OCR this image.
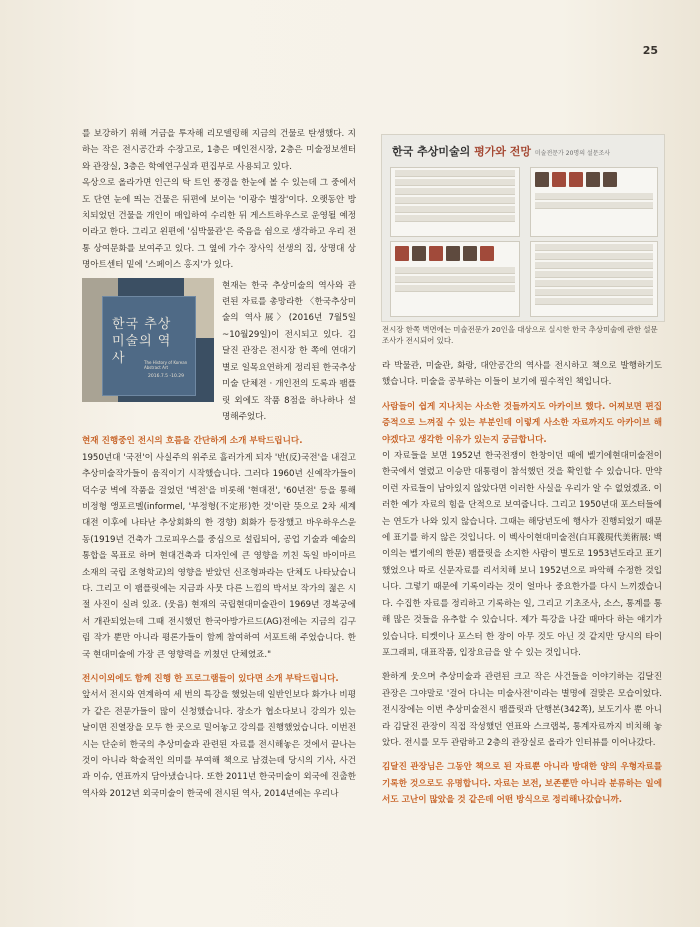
25

를 보강하기 위해 거금을 투자해 리모델링해 지금의 건물로 탄생했다. 지하는 작은 전시공간과 수장고로, 1층은 메인전시장, 2층은 미술정보센터와 관장실, 3층은 학예연구실과 편집부로 사용되고 있다.

옥상으로 올라가면 인근의 탁 트인 풍경을 한눈에 볼 수 있는데 그 중에서도 단연 눈에 띄는 건물은 뒤편에 보이는 '이광수 별장'이다. 오랫동안 방치되었던 건물을 개인이 매입하여 수리한 뒤 게스트하우스로 운영될 예정이라고 한다. 그리고 왼편에 '심박물관'은 죽음을 쉼으로 생각하고 우리 전통 상여문화를 보여주고 있다. 그 옆에 가수 장사익 선생의 집, 상명대 상명아트센터 밑에 '스페이스 홍지'가 있다.

한국 추상미술의 역사	The History of Korean Abstract Art
2016.7.5 -10.29

현재는 한국 추상미술의 역사와 관련된 자료를 총망라한 〈한국추상미술의 역사展〉(2016년 7월5일~10월29일)이 전시되고 있다. 김달진 관장은 전시장 한 쪽에 연대기별로 일목요연하게 정리된 한국추상미술 단체전 · 개인전의 도록과 팸플릿 외에도 작품 8점을 하나하나 설명해주었다.

현재 진행중인 전시의 흐름을 간단하게 소개 부탁드립니다.

1950년대 '국전'이 사실주의 위주로 흘러가게 되자 '반(反)국전'을 내걸고 추상미술작가들이 움직이기 시작했습니다. 그러다 1960년 신예작가들이 덕수궁 벽에 작품을 걸었던 '벽전'을 비롯해 '현대전', '60년전' 등을 통해 비정형 앵포르멜(informel, '부정형(不定形)한 것'이란 뜻으로 2차 세계대전 이후에 나타난 추상회화의 한 경향) 회화가 등장했고 바우하우스운동(1919년 건축가 그로피우스를 중심으로 설립되어, 공업 기술과 예술의 통합을 목표로 하며 현대건축과 디자인에 큰 영향을 끼친 독일 바이마르 소재의 국립 조형학교)의 영향을 받았던 신조형파라는 단체도 나타났습니다. 그리고 이 팸플릿에는 지금과 사뭇 다른 느낌의 박서보 작가의 젊은 시절 사진이 실려 있죠. (웃음) 현재의 국립현대미술관이 1969년 경복궁에서 개관되었는데 그때 전시했던 한국아방가르드(AG)전에는 지금의 김구림 작가 뿐만 아니라 평론가들이 함께 참여하여 서포트해 주었습니다. 한국 현대미술에 가장 큰 영향력을 끼쳤던 단체였죠."

전시이외에도 함께 진행 한 프로그램들이 있다면 소개 부탁드립니다.

앞서서 전시와 연계하여 세 번의 특강을 했었는데 일반인보다 화가나 비평가 같은 전문가들이 많이 신청했습니다. 장소가 협소다보니 강의가 있는 날이면 진열장을 모두 한 곳으로 밀어놓고 강의를 진행했었습니다. 이번전시는 단순히 한국의 추상미술과 관련된 자료를 전시해놓은 것에서 끝나는 것이 아니라 학술적인 의미를 부여해 책으로 남겼는데 당시의 기사, 사건과 이슈, 연표까지 담아냈습니다. 또한 2011년 한국미술이 외국에 진출한 역사와 2012년 외국미술이 한국에 전시된 역사, 2014년에는 우리나

한국 추상미술의 평가와 전망 미술전문가 20명의 설문조사
전시장 한쪽 벽면에는 미술전문가 20인을 대상으로 실시한 한국 추상미술에 관한 설문조사가 전시되어 있다.

라 박물관, 미술관, 화랑, 대안공간의 역사를 전시하고 책으로 발행하기도 했습니다. 미술을 공부하는 이들이 보기에 필수적인 책입니다.

사람들이 쉽게 지나치는 사소한 것들까지도 아카이브 했다. 어찌보면 편집증적으로 느껴질 수 있는 부분인데 이렇게 사소한 자료까지도 아카이브 해야겠다고 생각한 이유가 있는지 궁금합니다.

이 자료들을 보면 1952년 한국전쟁이 한창이던 때에 벨기에현대미술전이 한국에서 열렸고 이승만 대통령이 참석했던 것을 확인할 수 있습니다. 만약 이런 자료들이 남아있지 않았다면 이러한 사실을 우리가 알 수 없었겠죠. 이러한 예가 자료의 힘을 단적으로 보여줍니다. 그리고 1950년대 포스터들에는 연도가 나와 있지 않습니다. 그때는 해당년도에 행사가 진행되었기 때문에 표기를 하지 않은 것입니다. 이 벡사이현대미술전(白耳義現代美術展: 백이의는 벨기에의 한문) 팸플릿을 소지한 사람이 별도로 1953년도라고 표기했었으나 따로 신문자료를 리서치해 보니 1952년으로 파악해 수정한 것입니다. 그렇기 때문에 기록이라는 것이 얼마나 중요한가를 다시 느끼겠습니다. 수집한 자료를 정리하고 기록하는 일, 그리고 기초조사, 소스, 통계를 통해 많은 것들을 유추할 수 있습니다. 제가 특강을 나갈 때마다 하는 얘기가 있습니다. 티켓이나 포스터 한 장이 아무 것도 아닌 것 같지만 당시의 타이포그래피, 대표작품, 입장요금을 알 수 있는 것입니다.

환하게 웃으며 추상미술과 관련된 크고 작은 사건들을 이야기하는 김달진 관장은 그야말로 '걸어 다니는 미술사전'이라는 별명에 걸맞은 모습이었다. 전시장에는 이번 추상미술전시 팸플릿과 단행본(342쪽), 보도기사 뿐 아니라 김달진 관장이 직접 작성했던 연표와 스크랩북, 통계자료까지 비치해 놓았다. 전시를 모두 관람하고 2층의 관장실로 올라가 인터뷰를 이어나갔다.

김달진 관장님은 그동안 책으로 된 자료뿐 아니라 방대한 양의 우형자료를 기록한 것으로도 유명합니다. 자료는 보전, 보존뿐만 아니라 분류하는 일에서도 고난이 많았을 것 같은데 어떤 방식으로 정리해나갔습니까.
